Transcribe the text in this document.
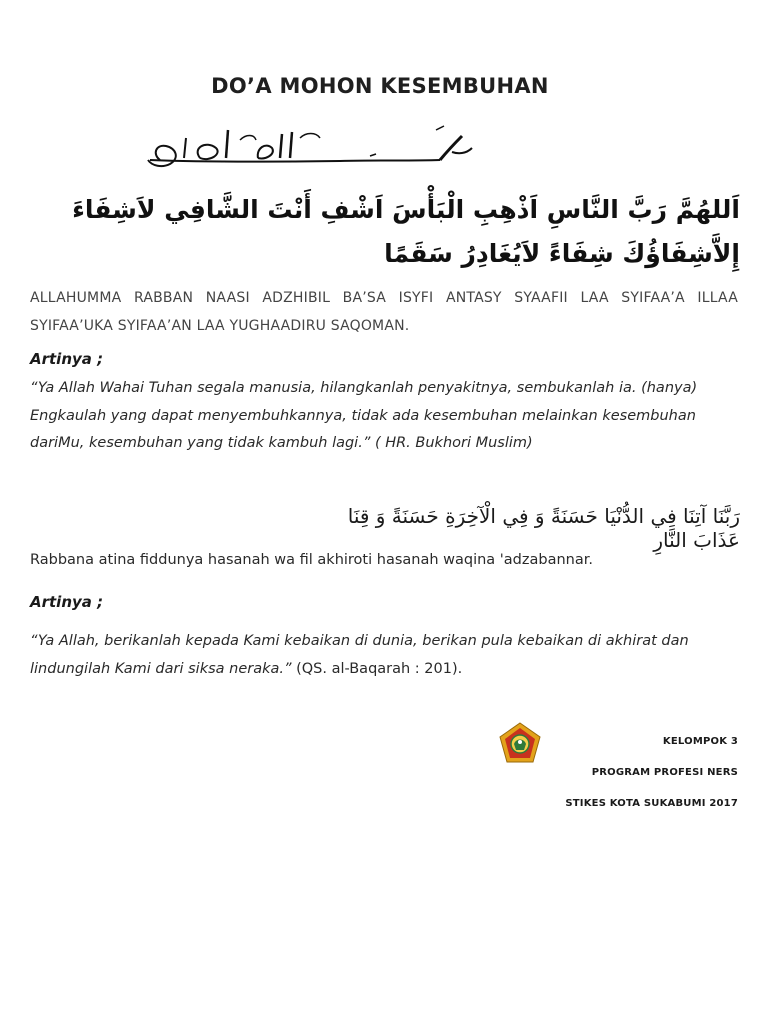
DO’A MOHON KESEMBUHAN
اَللهُمَّ رَبَّ النَّاسِ اَذْهِبِ الْبَأْسَ اَشْفِ أَنْتَ الشَّافِي لاَشِفَاءَ إِلاَّشِفَاؤُكَ شِفَاءً لاَيُغَادِرُ سَقَمًا
ALLAHUMMA RABBAN NAASI ADZHIBIL BA’SA ISYFI ANTASY SYAAFII LAA SYIFAA’A ILLAA SYIFAA’UKA SYIFAA’AN LAA YUGHAADIRU SAQOMAN.
Artinya ;
“Ya Allah Wahai Tuhan segala manusia, hilangkanlah penyakitnya, sembukanlah ia. (hanya) Engkaulah yang dapat menyembuhkannya, tidak ada kesembuhan melainkan kesembuhan dariMu, kesembuhan yang tidak kambuh lagi.” ( HR. Bukhori Muslim)
رَبَّنَا آتِنَا فِي الدُّنْيَا حَسَنَةً وَ فِي الْآخِرَةِ حَسَنَةً وَ قِنَا عَذَابَ النَّارِ
Rabbana atina fiddunya hasanah wa fil akhiroti hasanah waqina 'adzabannar.
Artinya ;
“Ya Allah, berikanlah kepada Kami kebaikan di dunia, berikan pula kebaikan di akhirat dan lindungilah Kami dari siksa neraka.” (QS. al-Baqarah : 201).
KELOMPOK 3
PROGRAM PROFESI NERS
STIKES KOTA SUKABUMI 2017
